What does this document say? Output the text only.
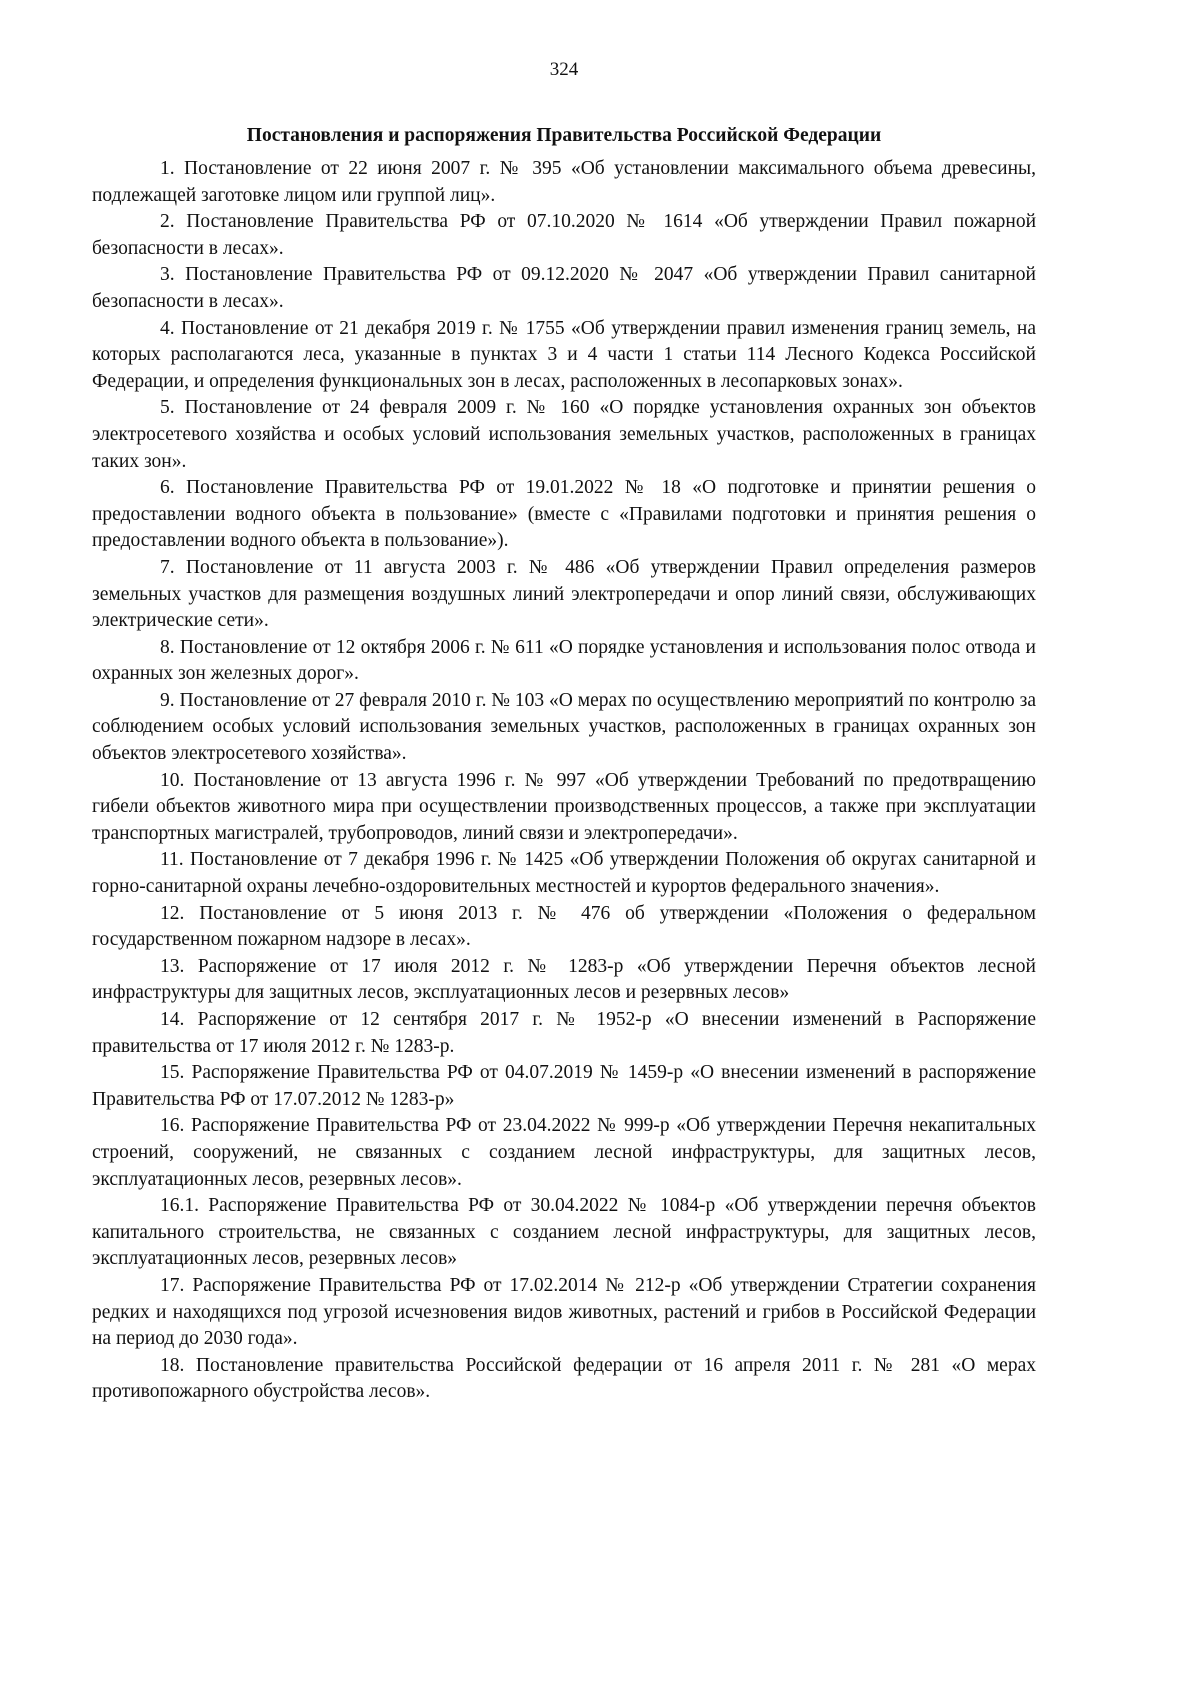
324
Постановления и распоряжения Правительства Российской Федерации

1. Постановление от 22 июня 2007 г. № 395 «Об установлении максимального объема древесины, подлежащей заготовке лицом или группой лиц».

2. Постановление Правительства РФ от 07.10.2020 № 1614 «Об утверждении Правил пожарной безопасности в лесах».

3. Постановление Правительства РФ от 09.12.2020 № 2047 «Об утверждении Правил санитарной безопасности в лесах».

4. Постановление от 21 декабря 2019 г. № 1755 «Об утверждении правил изменения границ земель, на которых располагаются леса, указанные в пунктах 3 и 4 части 1 статьи 114 Лесного Кодекса Российской Федерации, и определения функциональных зон в лесах, расположенных в лесопарковых зонах».

5. Постановление от 24 февраля 2009 г. № 160 «О порядке установления охранных зон объектов электросетевого хозяйства и особых условий использования земельных участков, расположенных в границах таких зон».

6. Постановление Правительства РФ от 19.01.2022 № 18 «О подготовке и принятии решения о предоставлении водного объекта в пользование» (вместе с «Правилами подготовки и принятия решения о предоставлении водного объекта в пользование»).

7. Постановление от 11 августа 2003 г. № 486 «Об утверждении Правил определения размеров земельных участков для размещения воздушных линий электропередачи и опор линий связи, обслуживающих электрические сети».

8. Постановление от 12 октября 2006 г. № 611 «О порядке установления и использования полос отвода и охранных зон железных дорог».

9. Постановление от 27 февраля 2010 г. № 103 «О мерах по осуществлению мероприятий по контролю за соблюдением особых условий использования земельных участков, расположенных в границах охранных зон объектов электросетевого хозяйства».

10. Постановление от 13 августа 1996 г. № 997 «Об утверждении Требований по предотвращению гибели объектов животного мира при осуществлении производственных процессов, а также при эксплуатации транспортных магистралей, трубопроводов, линий связи и электропередачи».

11. Постановление от 7 декабря 1996 г. № 1425 «Об утверждении Положения об округах санитарной и горно-санитарной охраны лечебно-оздоровительных местностей и курортов федерального значения».

12. Постановление от 5 июня 2013 г. № 476 об утверждении «Положения о федеральном государственном пожарном надзоре в лесах».

13. Распоряжение от 17 июля 2012 г. № 1283-р «Об утверждении Перечня объектов лесной инфраструктуры для защитных лесов, эксплуатационных лесов и резервных лесов»

14. Распоряжение от 12 сентября 2017 г. № 1952-р «О внесении изменений в Распоряжение правительства от 17 июля 2012 г. № 1283-р.

15. Распоряжение Правительства РФ от 04.07.2019 № 1459-р «О внесении изменений в распоряжение Правительства РФ от 17.07.2012 № 1283-р»

16. Распоряжение Правительства РФ от 23.04.2022 № 999-р «Об утверждении Перечня некапитальных строений, сооружений, не связанных с созданием лесной инфраструктуры, для защитных лесов, эксплуатационных лесов, резервных лесов».

16.1. Распоряжение Правительства РФ от 30.04.2022 № 1084-р «Об утверждении перечня объектов капитального строительства, не связанных с созданием лесной инфраструктуры, для защитных лесов, эксплуатационных лесов, резервных лесов»

17. Распоряжение Правительства РФ от 17.02.2014 № 212-р «Об утверждении Стратегии сохранения редких и находящихся под угрозой исчезновения видов животных, растений и грибов в Российской Федерации на период до 2030 года».

18. Постановление правительства Российской федерации от 16 апреля 2011 г. № 281 «О мерах противопожарного обустройства лесов».
